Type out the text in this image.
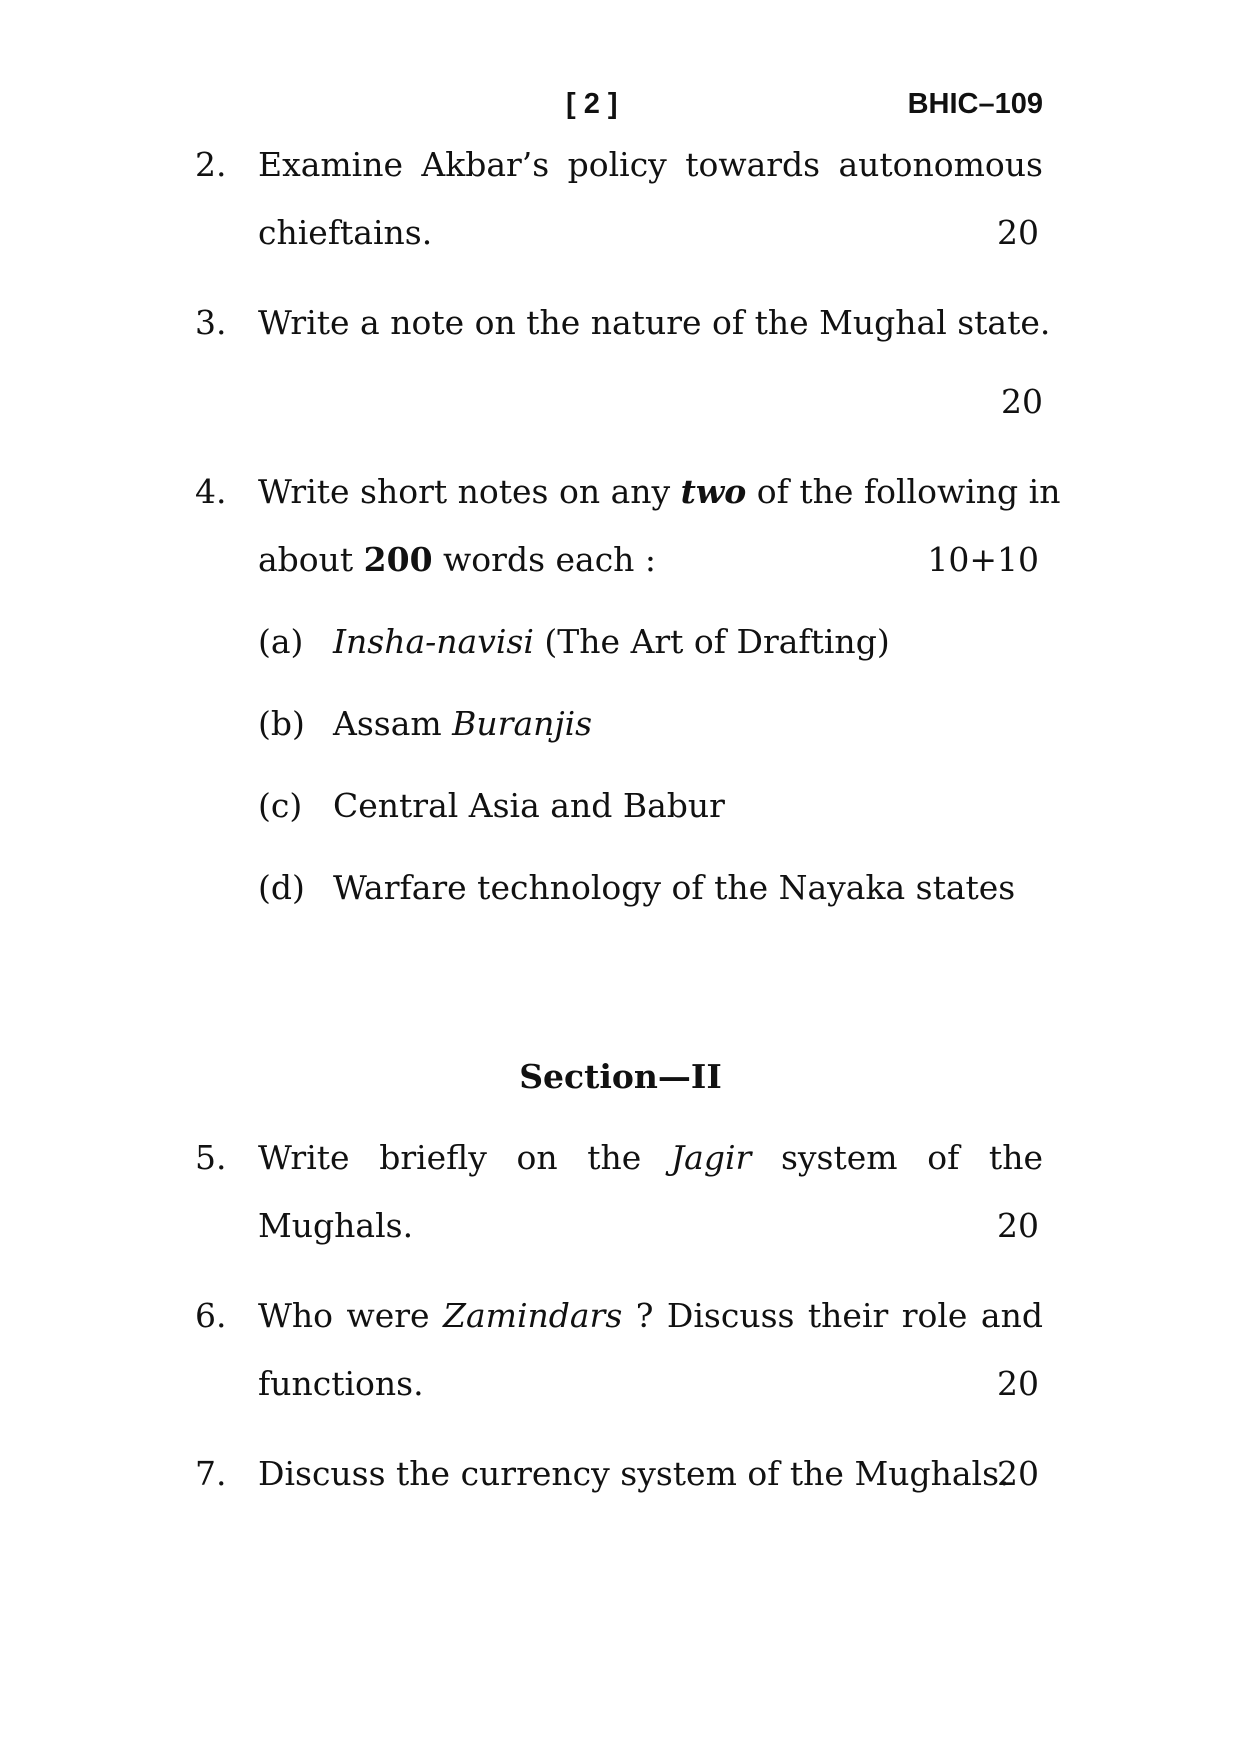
[ 2 ]	BHIC–109
2. Examine Akbar’s policy towards autonomous
chieftains.	20
3. Write a note on the nature of the Mughal state.
20
4. Write short notes on any two of the following in
about 200 words each :	10+10
(a) Insha-navisi (The Art of Drafting)
(b) Assam Buranjis
(c) Central Asia and Babur
(d) Warfare technology of the Nayaka states
Section—II
5. Write briefly on the Jagir system of the
Mughals.	20
6. Who were Zamindars ? Discuss their role and
functions.	20
7. Discuss the currency system of the Mughals.
20
